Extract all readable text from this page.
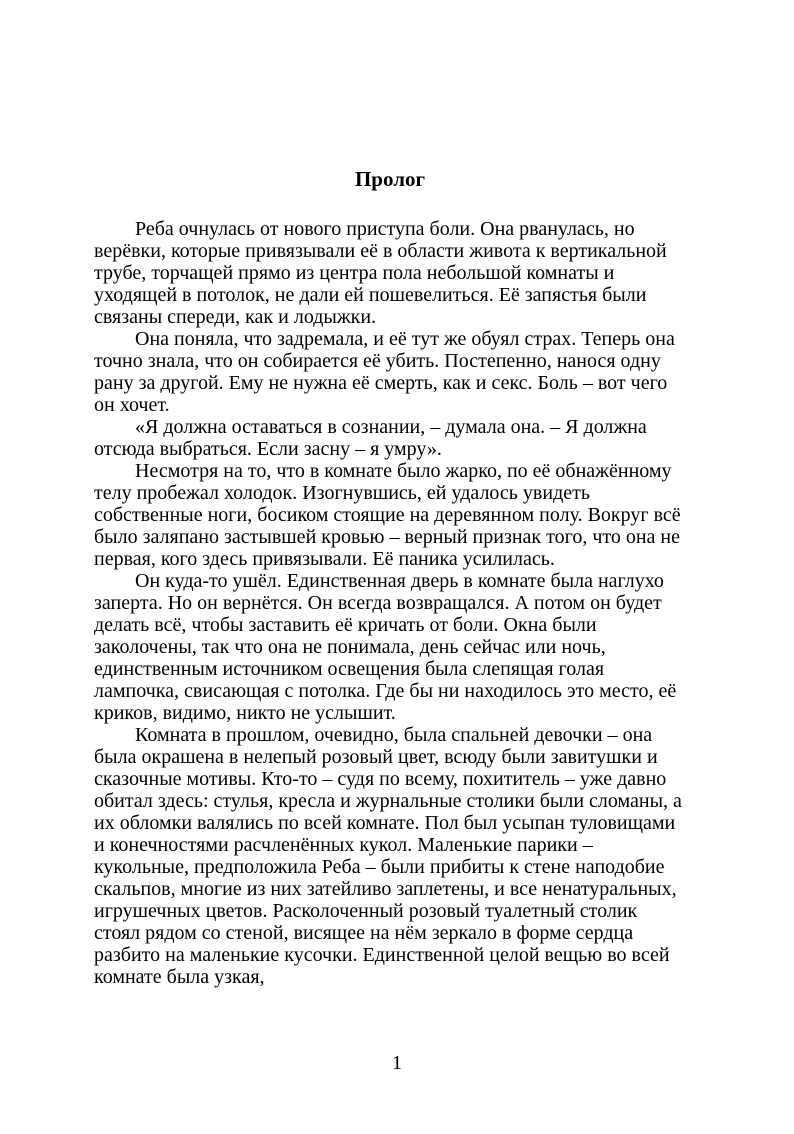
Пролог

Реба очнулась от нового приступа боли. Она рванулась, но верёвки, которые привязывали её в области живота к вертикальной трубе, торчащей прямо из центра пола небольшой комнаты и уходящей в потолок, не дали ей пошевелиться. Её запястья были связаны спереди, как и лодыжки.

Она поняла, что задремала, и её тут же обуял страх. Теперь она точно знала, что он собирается её убить. Постепенно, нанося одну рану за другой. Ему не нужна её смерть, как и секс. Боль – вот чего он хочет.

«Я должна оставаться в сознании, – думала она. – Я должна отсюда выбраться. Если засну – я умру».

Несмотря на то, что в комнате было жарко, по её обнажённому телу пробежал холодок. Изогнувшись, ей удалось увидеть собственные ноги, босиком стоящие на деревянном полу. Вокруг всё было заляпано застывшей кровью – верный признак того, что она не первая, кого здесь привязывали. Её паника усилилась.

Он куда-то ушёл. Единственная дверь в комнате была наглухо заперта. Но он вернётся. Он всегда возвращался. А потом он будет делать всё, чтобы заставить её кричать от боли. Окна были заколочены, так что она не понимала, день сейчас или ночь, единственным источником освещения была слепящая голая лампочка, свисающая с потолка. Где бы ни находилось это место, её криков, видимо, никто не услышит.

Комната в прошлом, очевидно, была спальней девочки – она была окрашена в нелепый розовый цвет, всюду были завитушки и сказочные мотивы. Кто-то – судя по всему, похититель – уже давно обитал здесь: стулья, кресла и журнальные столики были сломаны, а их обломки валялись по всей комнате. Пол был усыпан туловищами и конечностями расчленённых кукол. Маленькие парики – кукольные, предположила Реба – были прибиты к стене наподобие скальпов, многие из них затейливо заплетены, и все ненатуральных, игрушечных цветов. Расколоченный розовый туалетный столик стоял рядом со стеной, висящее на нём зеркало в форме сердца разбито на маленькие кусочки. Единственной целой вещью во всей комнате была узкая,

1
